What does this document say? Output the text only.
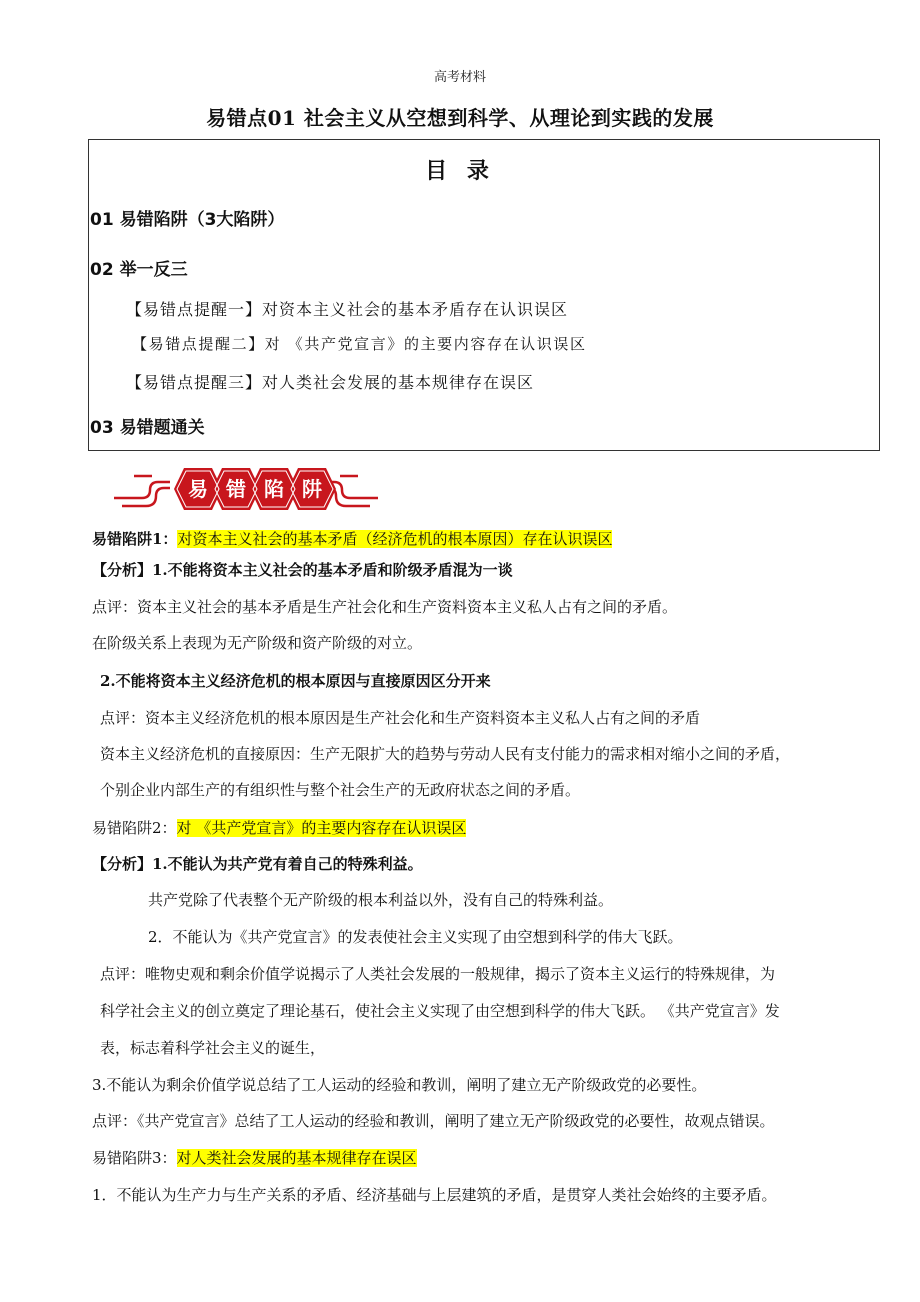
高考材料
易错点01 社会主义从空想到科学、从理论到实践的发展
目 录
01 易错陷阱（3大陷阱）
02 举一反三
【易错点提醒一】对资本主义社会的基本矛盾存在认识误区
【易错点提醒二】对 《共产党宣言》的主要内容存在认识误区
【易错点提醒三】对人类社会发展的基本规律存在误区
03 易错题通关
易 错 陷 阱
易错陷阱1：对资本主义社会的基本矛盾（经济危机的根本原因）存在认识误区
【分析】1.不能将资本主义社会的基本矛盾和阶级矛盾混为一谈
点评：资本主义社会的基本矛盾是生产社会化和生产资料资本主义私人占有之间的矛盾。
在阶级关系上表现为无产阶级和资产阶级的对立。
2.不能将资本主义经济危机的根本原因与直接原因区分开来
点评：资本主义经济危机的根本原因是生产社会化和生产资料资本主义私人占有之间的矛盾
资本主义经济危机的直接原因：生产无限扩大的趋势与劳动人民有支付能力的需求相对缩小之间的矛盾，
个别企业内部生产的有组织性与整个社会生产的无政府状态之间的矛盾。
易错陷阱2：对 《共产党宣言》的主要内容存在认识误区
【分析】1.不能认为共产党有着自己的特殊利益。
共产党除了代表整个无产阶级的根本利益以外，没有自己的特殊利益。
2．不能认为《共产党宣言》的发表使社会主义实现了由空想到科学的伟大飞跃。
点评：唯物史观和剩余价值学说揭示了人类社会发展的一般规律，揭示了资本主义运行的特殊规律，为
科学社会主义的创立奠定了理论基石，使社会主义实现了由空想到科学的伟大飞跃。 《共产党宣言》发
表，标志着科学社会主义的诞生，
3.不能认为剩余价值学说总结了工人运动的经验和教训，阐明了建立无产阶级政党的必要性。
点评：《共产党宣言》总结了工人运动的经验和教训，阐明了建立无产阶级政党的必要性，故观点错误。
易错陷阱3：对人类社会发展的基本规律存在误区
1．不能认为生产力与生产关系的矛盾、经济基础与上层建筑的矛盾，是贯穿人类社会始终的主要矛盾。
